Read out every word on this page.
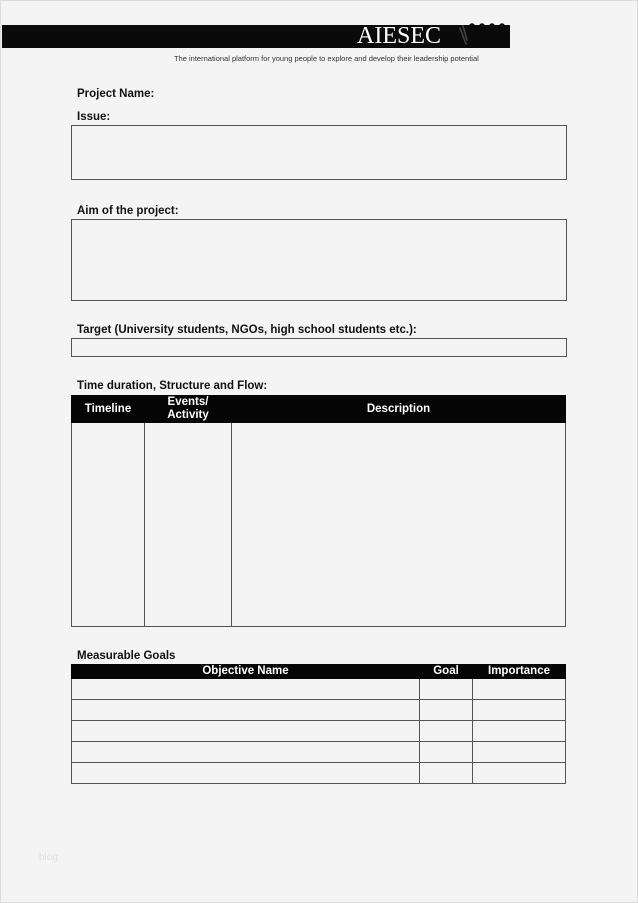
AIESEC
The international platform for young people to explore and develop their leadership potential
Project Name:
Issue:
Aim of the project:
Target (University students, NGOs, high school students etc.):
Time duration, Structure and Flow:
Timeline	Events/ Activity	Description

Measurable Goals
Objective Name	Goal	Importance

blog
